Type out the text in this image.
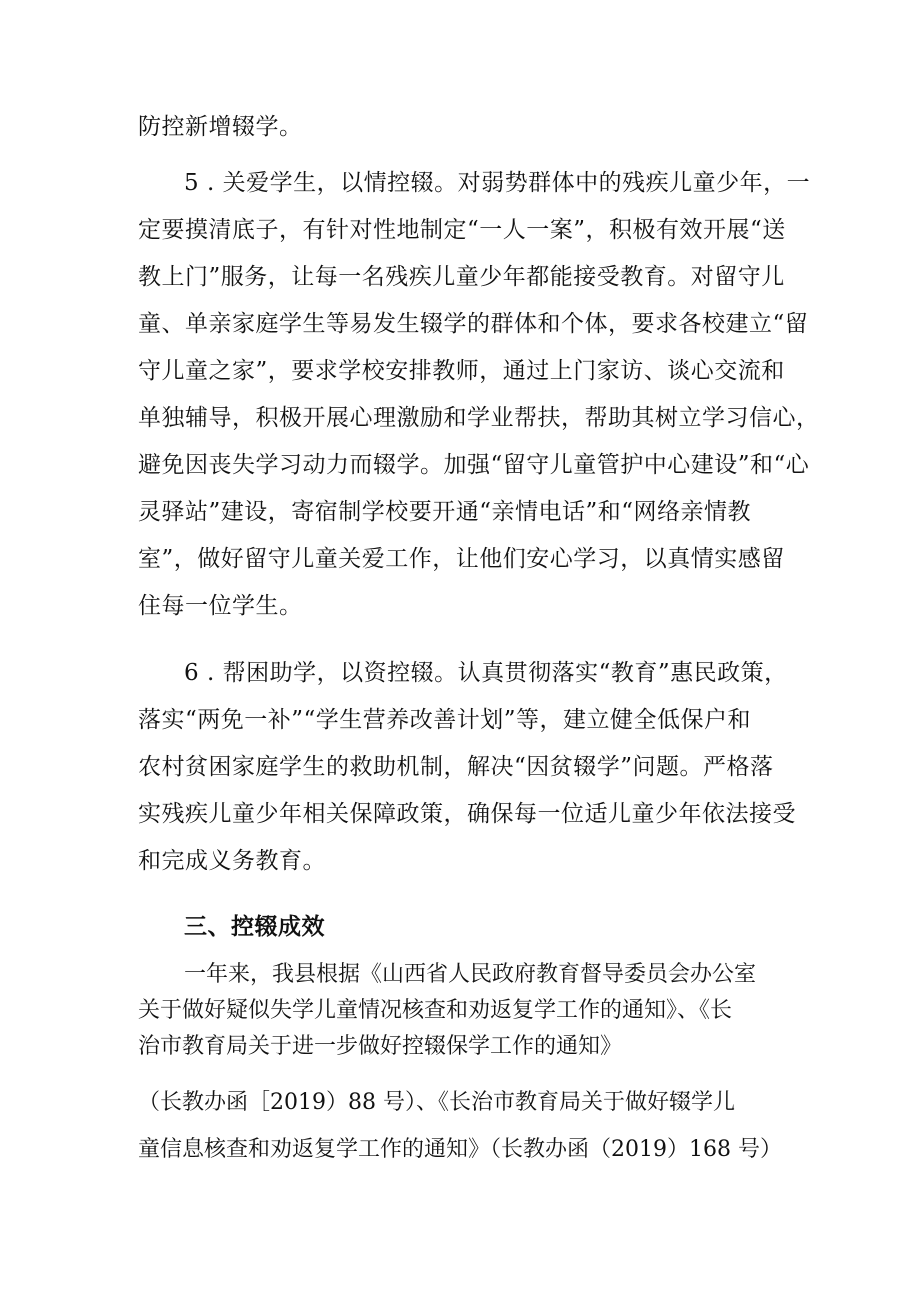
防控新增辍学。
5 . 关爱学生，以情控辍。对弱势群体中的残疾儿童少年，一
定要摸清底子，有针对性地制定“一人一案”，积极有效开展“送
教上门”服务，让每一名残疾儿童少年都能接受教育。对留守儿
童、单亲家庭学生等易发生辍学的群体和个体，要求各校建立“留
守儿童之家”，要求学校安排教师，通过上门家访、谈心交流和
单独辅导，积极开展心理激励和学业帮扶，帮助其树立学习信心，
避免因丧失学习动力而辍学。加强“留守儿童管护中心建设”和“心
灵驿站”建设，寄宿制学校要开通“亲情电话”和“网络亲情教
室”，做好留守儿童关爱工作，让他们安心学习，以真情实感留
住每一位学生。
6 . 帮困助学，以资控辍。认真贯彻落实“教育”惠民政策，
落实“两免一补”“学生营养改善计划”等，建立健全低保户和
农村贫困家庭学生的救助机制，解决“因贫辍学”问题。严格落
实残疾儿童少年相关保障政策，确保每一位适儿童少年依法接受
和完成义务教育。
三、控辍成效
一年来，我县根据《山西省人民政府教育督导委员会办公室
关于做好疑似失学儿童情况核查和劝返复学工作的通知》、《长
治市教育局关于进一步做好控辍保学工作的通知》
（长教办函［2019）88 号）、《长治市教育局关于做好辍学儿
童信息核查和劝返复学工作的通知》（长教办函（2019）168 号）
